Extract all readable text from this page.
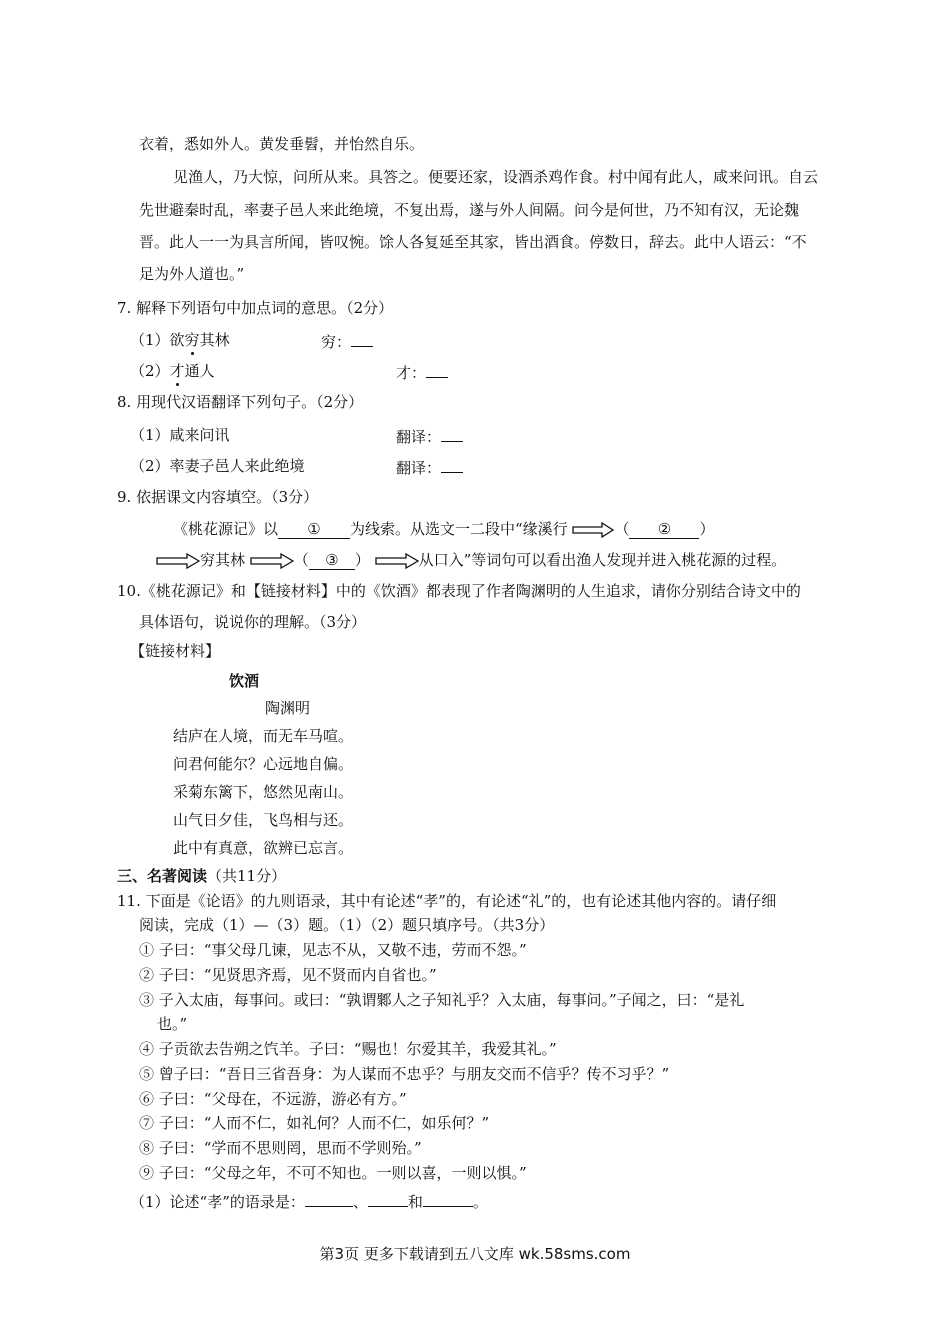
衣着，悉如外人。黄发垂髫，并怡然自乐。
见渔人，乃大惊，问所从来。具答之。便要还家，设酒杀鸡作食。村中闻有此人，咸来问讯。自云
先世避秦时乱，率妻子邑人来此绝境，不复出焉，遂与外人间隔。问今是何世，乃不知有汉，无论魏
晋。此人一一为具言所闻，皆叹惋。馀人各复延至其家，皆出酒食。停数日，辞去。此中人语云：“不
足为外人道也。”
7. 解释下列语句中加点词的意思。（2分）
（1）欲穷其林	穷：
（2）才通人	才：
8. 用现代汉语翻译下列句子。（2分）
（1）咸来问讯	翻译：
（2）率妻子邑人来此绝境	翻译：
9. 依据课文内容填空。（3分）
《桃花源记》以 ① 为线索。从选文一二段中“缘溪行	（ ② ）
穷其林	（ ③ ）	从口入”等词句可以看出渔人发现并进入桃花源的过程。
10.《桃花源记》和【链接材料】中的《饮酒》都表现了作者陶渊明的人生追求，请你分别结合诗文中的
具体语句，说说你的理解。（3分）
【链接材料】
饮酒
陶渊明
结庐在人境，而无车马喧。
问君何能尔？心远地自偏。
采菊东篱下，悠然见南山。
山气日夕佳，飞鸟相与还。
此中有真意，欲辨已忘言。
三、名著阅读（共11分）
11. 下面是《论语》的九则语录，其中有论述“孝”的，有论述“礼”的，也有论述其他内容的。请仔细
阅读，完成（1）—（3）题。（1）（2）题只填序号。（共3分）
① 子曰：“事父母几谏，见志不从，又敬不违，劳而不怨。”
② 子曰：“见贤思齐焉，见不贤而内自省也。”
③ 子入太庙，每事问。或曰：“孰谓鄹人之子知礼乎？入太庙，每事问。”子闻之，曰：“是礼
也。”
④ 子贡欲去告朔之饩羊。子曰：“赐也！尔爱其羊，我爱其礼。”
⑤ 曾子曰：“吾日三省吾身：为人谋而不忠乎？与朋友交而不信乎？传不习乎？”
⑥ 子曰：“父母在，不远游，游必有方。”
⑦ 子曰：“人而不仁，如礼何？人而不仁，如乐何？”
⑧ 子曰：“学而不思则罔，思而不学则殆。”
⑨ 子曰：“父母之年，不可不知也。一则以喜，一则以惧。”
（1）论述“孝”的语录是：	、	和	。
第3页 更多下载请到五八文库 wk.58sms.com
